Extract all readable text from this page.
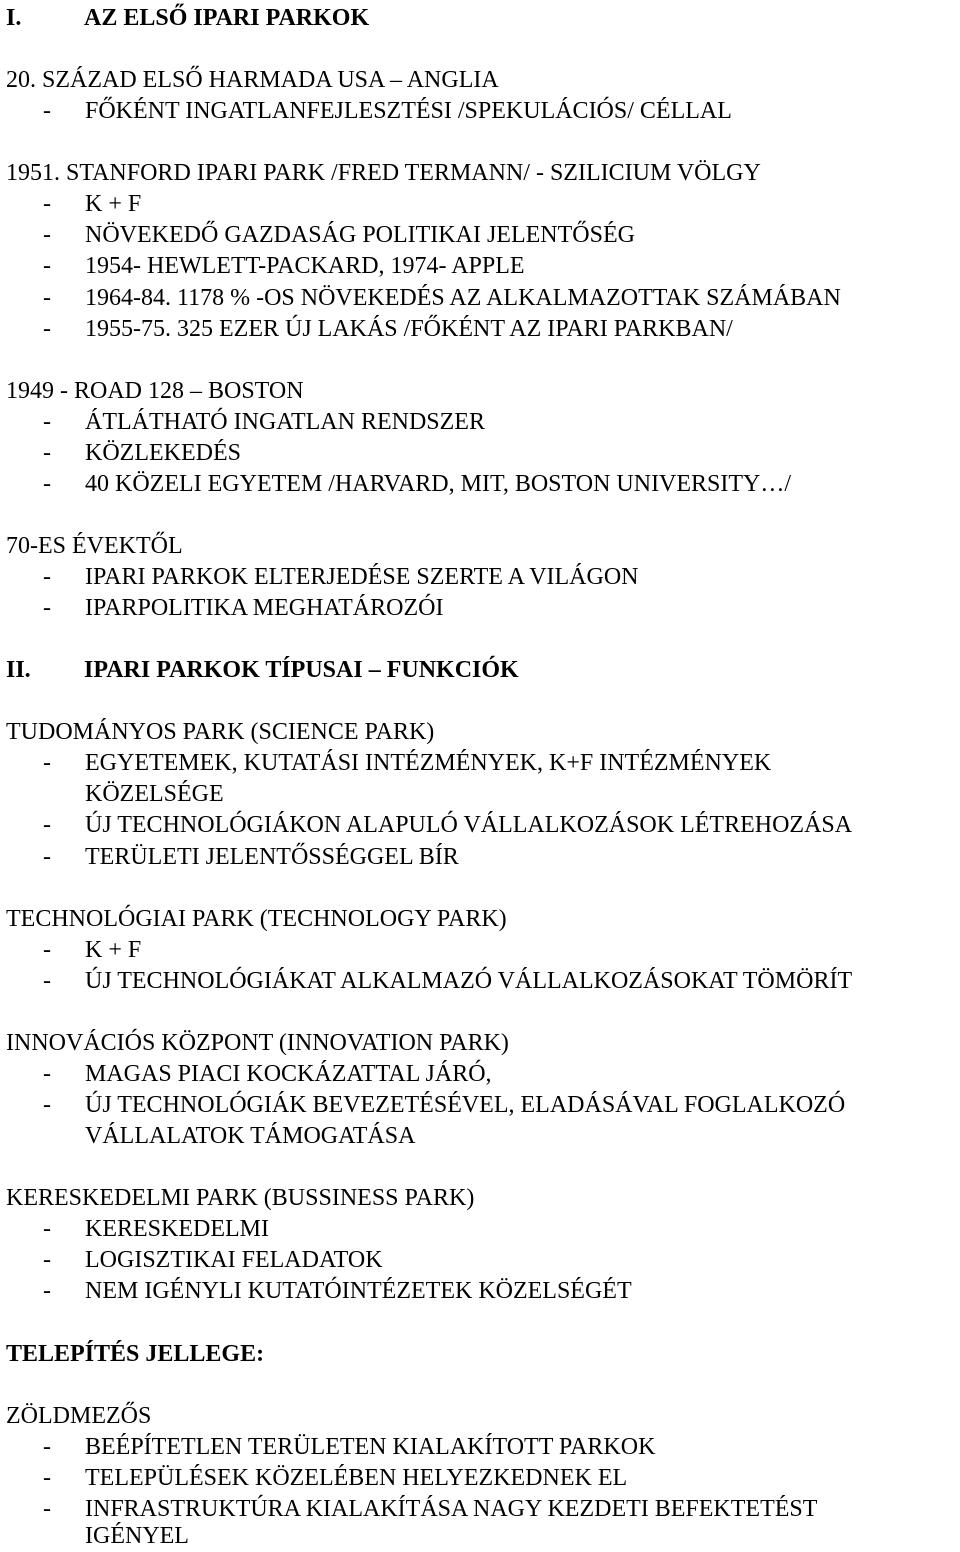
I.	AZ ELSŐ IPARI PARKOK
20. SZÁZAD ELSŐ HARMADA USA – ANGLIA
- FŐKÉNT INGATLANFEJLESZTÉSI /SPEKULÁCIÓS/ CÉLLAL
1951. STANFORD IPARI PARK /FRED TERMANN/ - SZILICIUM VÖLGY
- K + F
- NÖVEKEDŐ GAZDASÁG POLITIKAI JELENTŐSÉG
- 1954- HEWLETT-PACKARD, 1974- APPLE
- 1964-84. 1178 % -OS NÖVEKEDÉS AZ ALKALMAZOTTAK SZÁMÁBAN
- 1955-75. 325 EZER ÚJ LAKÁS /FŐKÉNT AZ IPARI PARKBAN/
1949 - ROAD 128 – BOSTON
- ÁTLÁTHATÓ INGATLAN RENDSZER
- KÖZLEKEDÉS
- 40 KÖZELI EGYETEM /HARVARD, MIT, BOSTON UNIVERSITY…/
70-ES ÉVEKTŐL
- IPARI PARKOK ELTERJEDÉSE SZERTE A VILÁGON
- IPARPOLITIKA MEGHATÁROZÓI
II. IPARI PARKOK TÍPUSAI – FUNKCIÓK
TUDOMÁNYOS PARK (SCIENCE PARK)
- EGYETEMEK, KUTATÁSI INTÉZMÉNYEK, K+F INTÉZMÉNYEK
KÖZELSÉGE
- ÚJ TECHNOLÓGIÁKON ALAPULÓ VÁLLALKOZÁSOK LÉTREHOZÁSA
- TERÜLETI JELENTŐSSÉGGEL BÍR
TECHNOLÓGIAI PARK (TECHNOLOGY PARK)
- K + F
- ÚJ TECHNOLÓGIÁKAT ALKALMAZÓ VÁLLALKOZÁSOKAT TÖMÖRÍT
INNOVÁCIÓS KÖZPONT (INNOVATION PARK)
- MAGAS PIACI KOCKÁZATTAL JÁRÓ,
- ÚJ TECHNOLÓGIÁK BEVEZETÉSÉVEL, ELADÁSÁVAL FOGLALKOZÓ
VÁLLALATOK TÁMOGATÁSA
KERESKEDELMI PARK (BUSSINESS PARK)
- KERESKEDELMI
- LOGISZTIKAI FELADATOK
- NEM IGÉNYLI KUTATÓINTÉZETEK KÖZELSÉGÉT
TELEPÍTÉS JELLEGE:
ZÖLDMEZŐS
- BEÉPÍTETLEN TERÜLETEN KIALAKÍTOTT PARKOK
- TELEPÜLÉSEK KÖZELÉBEN HELYEZKEDNEK EL
- INFRASTRUKTÚRA KIALAKÍTÁSA NAGY KEZDETI BEFEKTETÉST
IGÉNYEL
